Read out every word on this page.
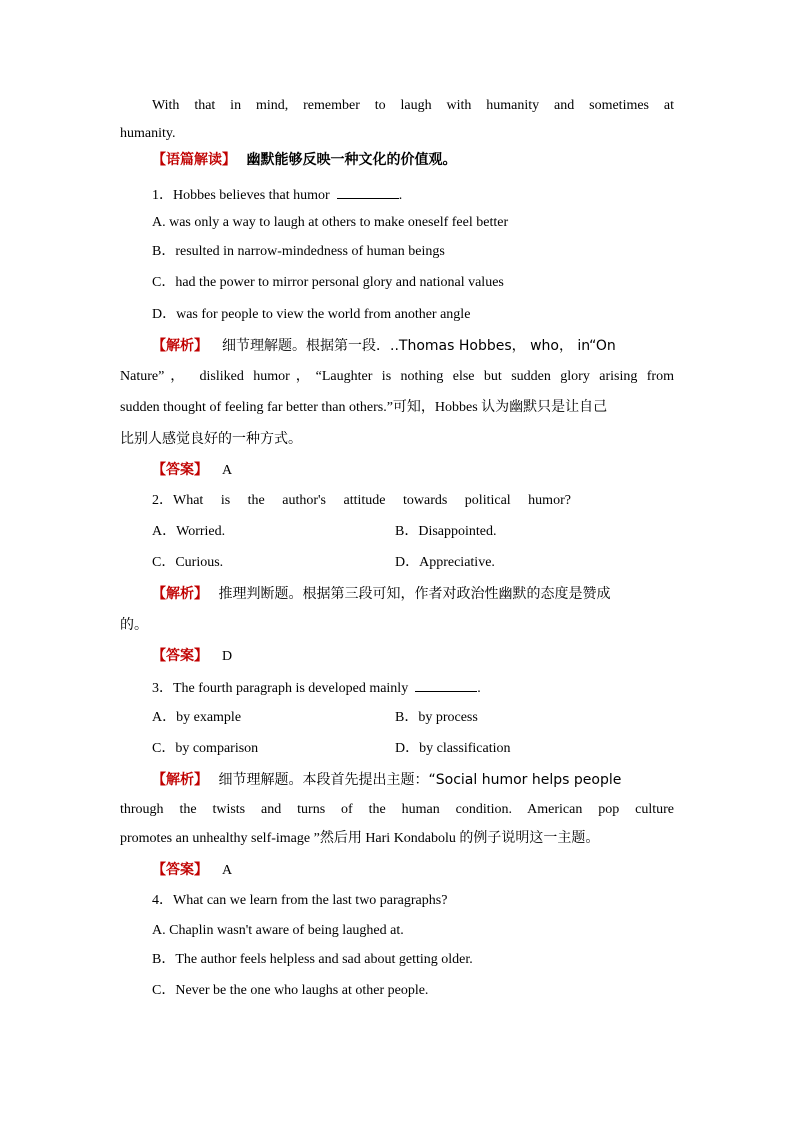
With that in mind, remember to laugh with humanity and sometimes at
humanity.
【语篇解读】 幽默能够反映一种文化的价值观。
1．Hobbes believes that humor	.
A. was only a way to laugh at others to make oneself feel better
B．resulted in narrow-mindedness of human beings
C．had the power to mirror personal glory and national values
D．was for people to view the world from another angle
【解析】 细节理解题。根据第一段．..Thomas Hobbes， who， in“On
Nature”， disliked humor，“Laughter is nothing else but sudden glory arising from
sudden thought of feeling far better than others.”可知，Hobbes 认为幽默只是让自己
比别人感觉良好的一种方式。
【答案】 A
2．What is the author's attitude towards political humor?
A．Worried.	B．Disappointed.
C．Curious.	D．Appreciative.
【解析】 推理判断题。根据第三段可知，作者对政治性幽默的态度是赞成
的。
【答案】 D
3．The fourth paragraph is developed mainly	.
A．by example	B．by process
C．by comparison	D．by classification
【解析】 细节理解题。本段首先提出主题：“Social humor helps people
through the twists and turns of the human condition. American pop culture
promotes an unhealthy self-image ”然后用 Hari Kondabolu 的例子说明这一主题。
【答案】 A
4．What can we learn from the last two paragraphs?
A. Chaplin wasn't aware of being laughed at.
B．The author feels helpless and sad about getting older.
C．Never be the one who laughs at other people.
